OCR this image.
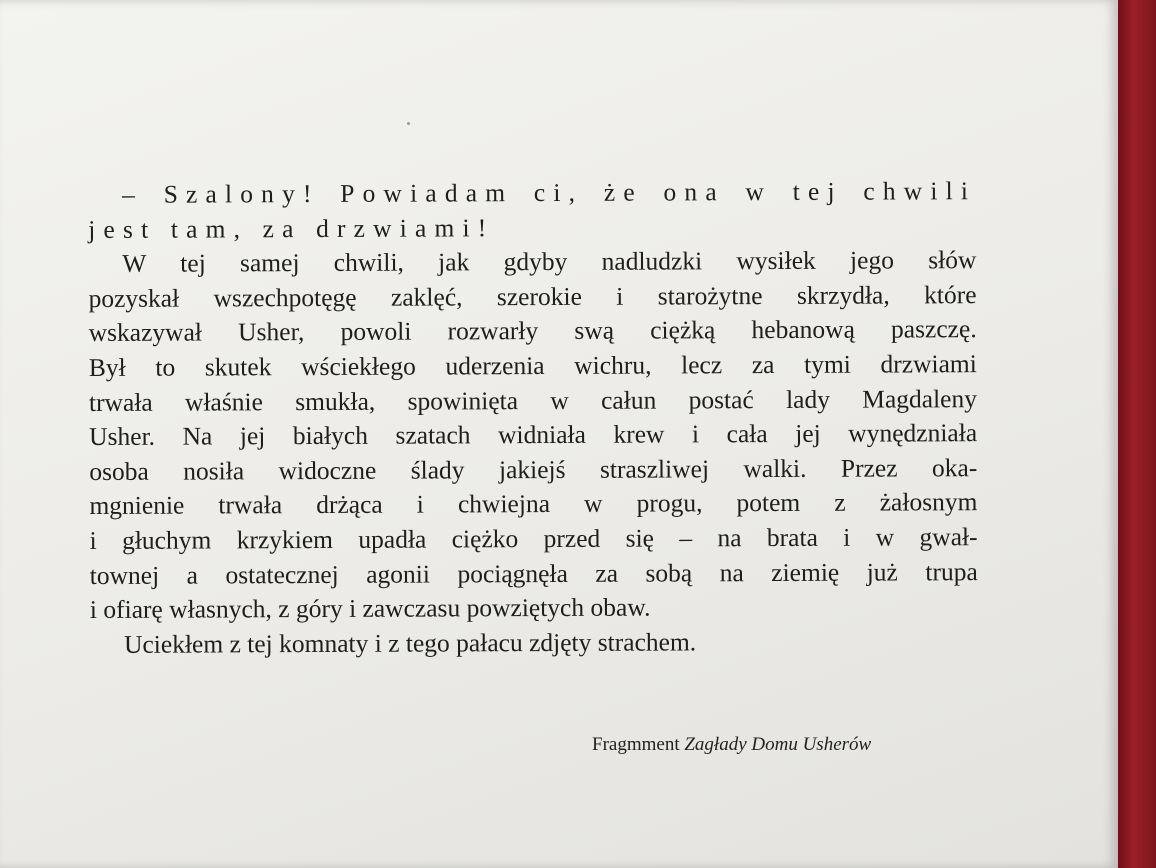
– Szalony! Powiadam ci, że ona w tej chwili
jest tam, za drzwiami!
W tej samej chwili, jak gdyby nadludzki wysiłek jego słów
pozyskał wszechpotęgę zaklęć, szerokie i starożytne skrzydła, które
wskazywał Usher, powoli rozwarły swą ciężką hebanową paszczę.
Był to skutek wściekłego uderzenia wichru, lecz za tymi drzwiami
trwała właśnie smukła, spowinięta w całun postać lady Magdaleny
Usher. Na jej białych szatach widniała krew i cała jej wynędzniała
osoba nosiła widoczne ślady jakiejś straszliwej walki. Przez oka-
mgnienie trwała drżąca i chwiejna w progu, potem z żałosnym
i głuchym krzykiem upadła ciężko przed się – na brata i w gwał-
townej a ostatecznej agonii pociągnęła za sobą na ziemię już trupa
i ofiarę własnych, z góry i zawczasu powziętych obaw.
Uciekłem z tej komnaty i z tego pałacu zdjęty strachem.
Fragmment Zagłady Domu Usherów
